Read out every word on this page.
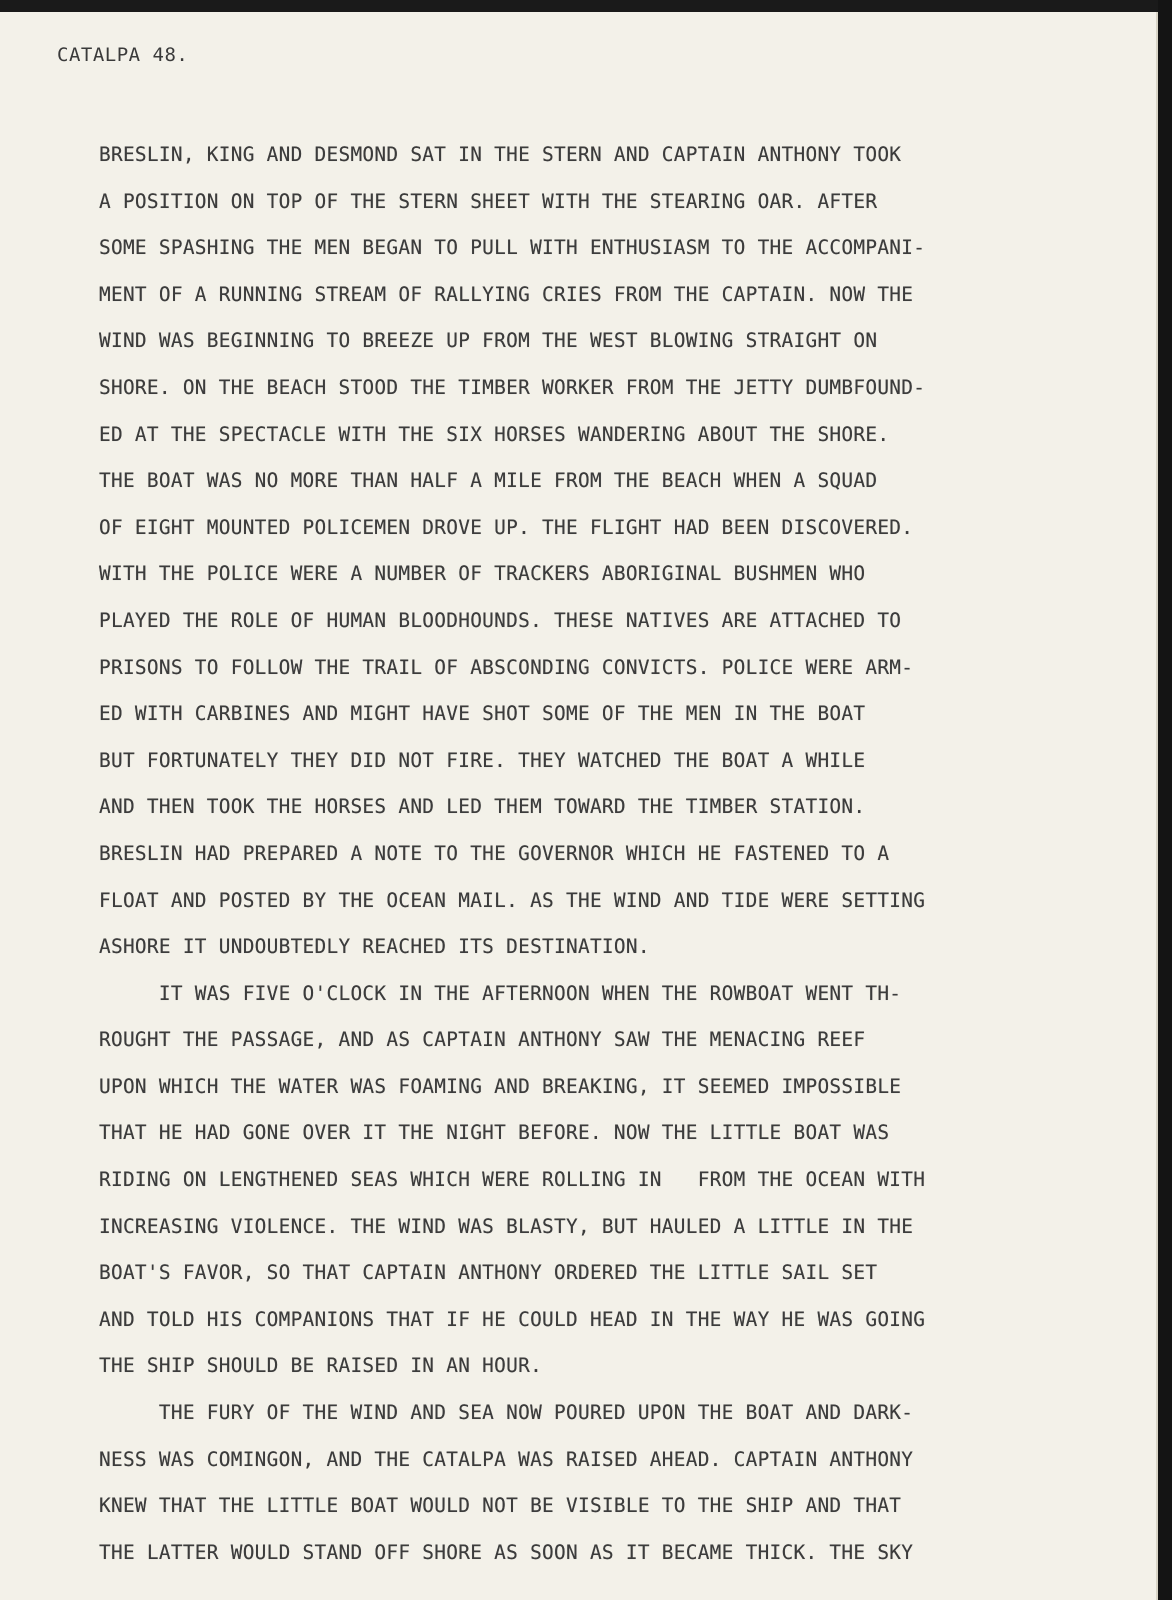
CATALPA 48.

BRESLIN, KING AND DESMOND SAT IN THE STERN AND CAPTAIN ANTHONY TOOK

A POSITION ON TOP OF THE STERN SHEET WITH THE STEARING OAR. AFTER

SOME SPASHING THE MEN BEGAN TO PULL WITH ENTHUSIASM TO THE ACCOMPANI-

MENT OF A RUNNING STREAM OF RALLYING CRIES FROM THE CAPTAIN. NOW THE

WIND WAS BEGINNING TO BREEZE UP FROM THE WEST BLOWING STRAIGHT ON

SHORE. ON THE BEACH STOOD THE TIMBER WORKER FROM THE JETTY DUMBFOUND-

ED AT THE SPECTACLE WITH THE SIX HORSES WANDERING ABOUT THE SHORE.

THE BOAT WAS NO MORE THAN HALF A MILE FROM THE BEACH WHEN A SQUAD

OF EIGHT MOUNTED POLICEMEN DROVE UP. THE FLIGHT HAD BEEN DISCOVERED.

WITH THE POLICE WERE A NUMBER OF TRACKERS ABORIGINAL BUSHMEN WHO

PLAYED THE ROLE OF HUMAN BLOODHOUNDS. THESE NATIVES ARE ATTACHED TO

PRISONS TO FOLLOW THE TRAIL OF ABSCONDING CONVICTS. POLICE WERE ARM-

ED WITH CARBINES AND MIGHT HAVE SHOT SOME OF THE MEN IN THE BOAT

BUT FORTUNATELY THEY DID NOT FIRE. THEY WATCHED THE BOAT A WHILE

AND THEN TOOK THE HORSES AND LED THEM TOWARD THE TIMBER STATION.

BRESLIN HAD PREPARED A NOTE TO THE GOVERNOR WHICH HE FASTENED TO A

FLOAT AND POSTED BY THE OCEAN MAIL. AS THE WIND AND TIDE WERE SETTING

ASHORE IT UNDOUBTEDLY REACHED ITS DESTINATION.

IT WAS FIVE O'CLOCK IN THE AFTERNOON WHEN THE ROWBOAT WENT TH-

ROUGHT THE PASSAGE, AND AS CAPTAIN ANTHONY SAW THE MENACING REEF

UPON WHICH THE WATER WAS FOAMING AND BREAKING, IT SEEMED IMPOSSIBLE

THAT HE HAD GONE OVER IT THE NIGHT BEFORE. NOW THE LITTLE BOAT WAS

RIDING ON LENGTHENED SEAS WHICH WERE ROLLING IN   FROM THE OCEAN WITH

INCREASING VIOLENCE. THE WIND WAS BLASTY, BUT HAULED A LITTLE IN THE

BOAT'S FAVOR, SO THAT CAPTAIN ANTHONY ORDERED THE LITTLE SAIL SET

AND TOLD HIS COMPANIONS THAT IF HE COULD HEAD IN THE WAY HE WAS GOING

THE SHIP SHOULD BE RAISED IN AN HOUR.

THE FURY OF THE WIND AND SEA NOW POURED UPON THE BOAT AND DARK-

NESS WAS COMINGON, AND THE CATALPA WAS RAISED AHEAD. CAPTAIN ANTHONY

KNEW THAT THE LITTLE BOAT WOULD NOT BE VISIBLE TO THE SHIP AND THAT

THE LATTER WOULD STAND OFF SHORE AS SOON AS IT BECAME THICK. THE SKY
